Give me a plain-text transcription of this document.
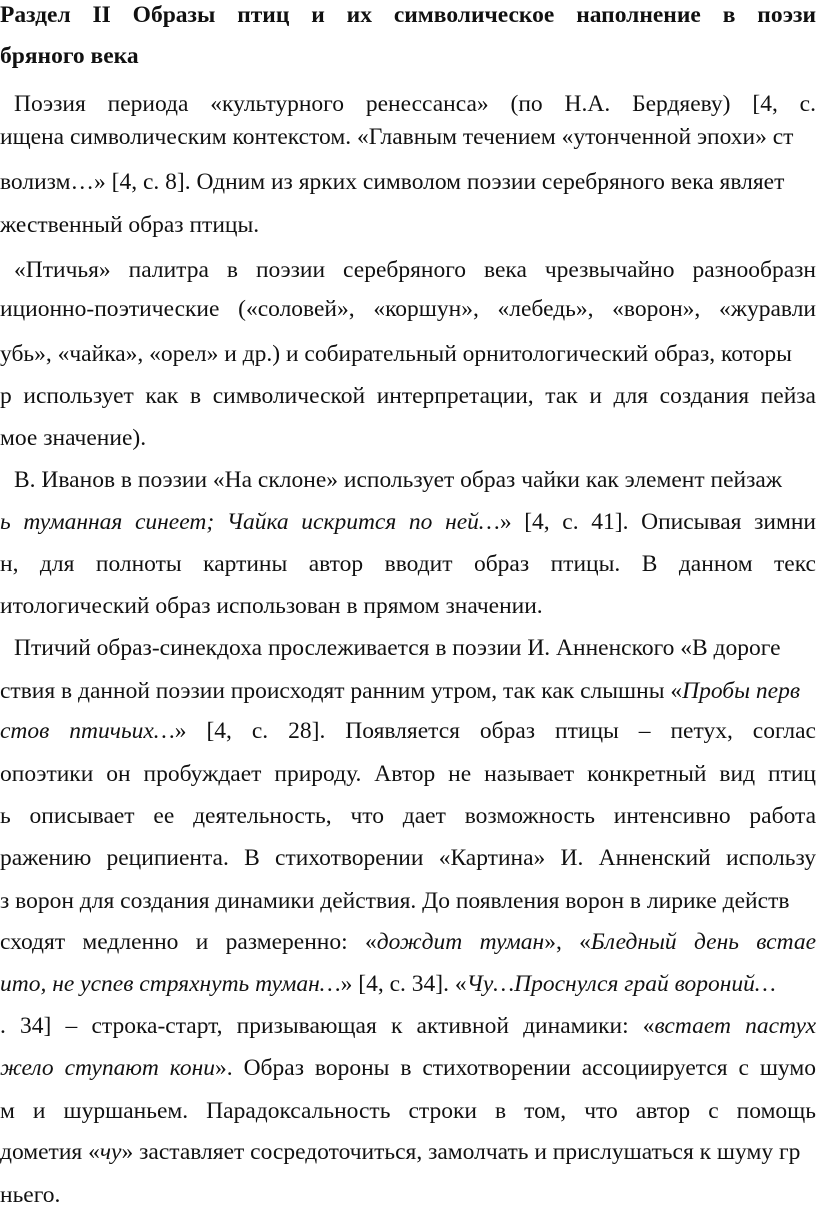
Раздел II Образы птиц и их символическое наполнение в поэзи
бряного века
Поэзия периода «культурного ренессанса» (по Н.А. Бердяеву) [4, с.
ищена символическим контекстом. «Главным течением «утонченной эпохи» ст
волизм…» [4, с. 8]. Одним из ярких символом поэзии серебряного века являет
жественный образ птицы.
«Птичья» палитра в поэзии серебряного века чрезвычайно разнообразн
иционно-поэтические («соловей», «коршун», «лебедь», «ворон», «журавли
убь», «чайка», «орел» и др.) и собирательный орнитологический образ, которы
р использует как в символической интерпретации, так и для создания пейза
мое значение).
В. Иванов в поэзии «На склоне» использует образ чайки как элемент пейзаж
ь туманная синеет; Чайка искрится по ней…» [4, с. 41]. Описывая зимни
н, для полноты картины автор вводит образ птицы. В данном текс
итологический образ использован в прямом значении.
Птичий образ-синекдоха прослеживается в поэзии И. Анненского «В дороге
ствия в данной поэзии происходят ранним утром, так как слышны «Пробы перв
стов птичьих…» [4, с. 28]. Появляется образ птицы – петух, соглас
опоэтики он пробуждает природу. Автор не называет конкретный вид птиц
ь описывает ее деятельность, что дает возможность интенсивно работа
ражению реципиента. В стихотворении «Картина» И. Анненский использу
з ворон для создания динамики действия. До появления ворон в лирике действ
сходят медленно и размеренно: «дождит туман», «Бледный день встае
ито, не успев стряхнуть туман…» [4, с. 34]. «Чу…Проснулся грай вороний…
. 34] – строка-старт, призывающая к активной динамики: «встает пастух
жело ступают кони». Образ вороны в стихотворении ассоциируется с шумо
м и шуршаньем. Парадоксальность строки в том, что автор с помощь
дометия «чу» заставляет сосредоточиться, замолчать и прислушаться к шуму гр
ньего.
